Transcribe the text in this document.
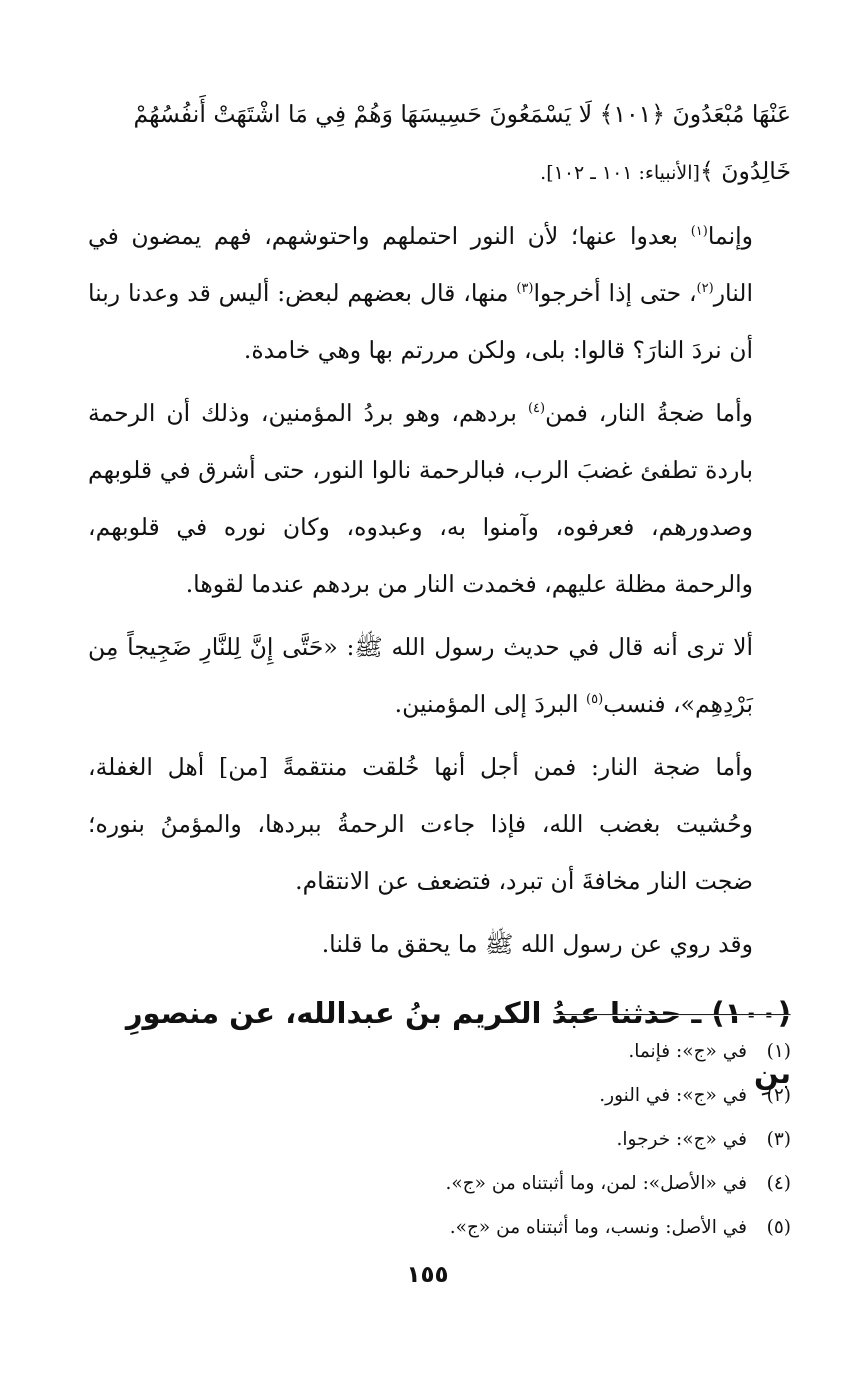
عَنْهَا مُبْعَدُونَ ﴿١٠١﴾ لَا يَسْمَعُونَ حَسِيسَهَا وَهُمْ فِي مَا اشْتَهَتْ أَنفُسُهُمْ
خَالِدُونَ ﴾[الأنبياء: ١٠١ ـ ١٠٢].

وإنما$^{(١)}$ بعدوا عنها؛ لأن النور احتملهم واحتوشهم، فهم يمضون في النار$^{(٢)}$، حتى إذا أخرجوا$^{(٣)}$ منها، قال بعضهم لبعض: أليس قد وعدنا ربنا أن نردَ النارَ؟ قالوا: بلى، ولكن مررتم بها وهي خامدة.

وأما ضجةُ النار، فمن$^{(٤)}$ بردهم، وهو بردُ المؤمنين، وذلك أن الرحمة باردة تطفئ غضبَ الرب، فبالرحمة نالوا النور، حتى أشرق في قلوبهم وصدورهم، فعرفوه، وآمنوا به، وعبدوه، وكان نوره في قلوبهم، والرحمة مظلة عليهم، فخمدت النار من بردهم عندما لقوها.

ألا ترى أنه قال في حديث رسول الله ﷺ: «حَتَّى إِنَّ لِلنَّارِ ضَجِيجاً مِن بَرْدِهِم»، فنسب$^{(٥)}$ البردَ إلى المؤمنين.

وأما ضجة النار: فمن أجل أنها خُلقت منتقمةً [من] أهل الغفلة، وحُشيت بغضب الله، فإذا جاءت الرحمةُ ببردها، والمؤمنُ بنوره؛ ضجت النار مخافةَ أن تبرد، فتضعف عن الانتقام.

وقد روي عن رسول الله ﷺ ما يحقق ما قلنا.

(١٠٠) ـ حدثنا عبدُ الكريم بنُ عبدالله، عن منصورِ بنِ

(١)
في «ج»: فإنما.
(٢)
في «ج»: في النور.
(٣)
في «ج»: خرجوا.
(٤)
في «الأصل»: لمن، وما أثبتناه من «ج».
(٥)
في الأصل: ونسب، وما أثبتناه من «ج».
١٥٥
